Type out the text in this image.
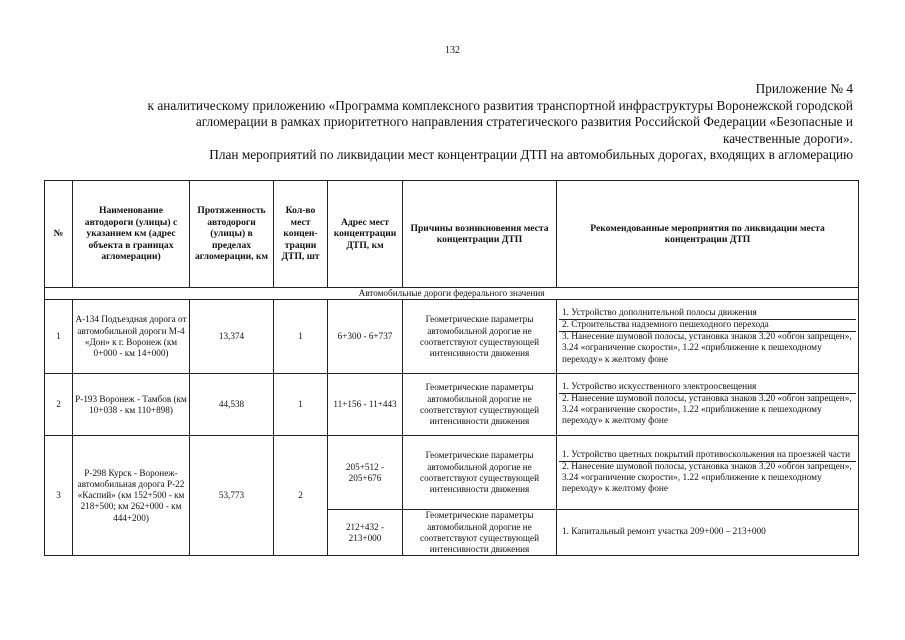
132
Приложение № 4
к аналитическому приложению «Программа комплексного развития транспортной инфраструктуры Воронежской городской
агломерации в рамках приоритетного направления стратегического развития Российской Федерации «Безопасные и
качественные дороги».
План мероприятий по ликвидации мест концентрации ДТП на автомобильных дорогах, входящих в агломерацию
№	Наименование автодороги (улицы) с указанием км (адрес объекта в границах агломерации)	Протяженность автодороги (улицы) в пределах агломерации, км	Кол-во мест концен-трации ДТП, шт	Адрес мест концентрации ДТП, км	Причины возникновения места концентрации ДТП	Рекомендованные мероприятия по ликвидации места концентрации ДТП
Автомобильные дороги федерального значения						
1	А-134 Подъездная дорога от автомобильной дороги М-4 «Дон» к г. Воронеж (км 0+000 - км 14+000)	13,374	1	6+300 - 6+737	Геометрические параметры автомобильной дорогие не соответствуют существующей интенсивности движения	1. Устройство дополнительной полосы движения
2. Строительства надземного пешеходного перехода
3. Нанесение шумовой полосы, установка знаков 3.20 «обгон запрещен», 3.24 «ограничение скорости», 1.22 «приближение к пешеходному переходу» к желтому фоне

2	Р-193 Воронеж - Тамбов (км 10+038 - км 110+898)	44,538	1	11+156 - 11+443	Геометрические параметры автомобильной дорогие не соответствуют существующей интенсивности движения	1. Устройство искусственного электроосвещения
2. Нанесение шумовой полосы, установка знаков 3.20 «обгон запрещен», 3.24 «ограничение скорости», 1.22 «приближение к пешеходному переходу» к желтому фоне

3	Р-298 Курск - Воронеж- автомобильная дорога Р-22 «Каспий» (км 152+500 - км 218+500; км 262+000 - км 444+200)	53,773	2	205+512 - 205+676	Геометрические параметры автомобильной дорогие не соответствуют существующей интенсивности движения	1. Устройство цветных покрытий противоскольжения на проезжей части
2. Нанесение шумовой полосы, установка знаков 3.20 «обгон запрещен», 3.24 «ограничение скорости», 1.22 «приближение к пешеходному переходу» к желтому фоне

				212+432 - 213+000	Геометрические параметры автомобильной дорогие не соответствуют существующей интенсивности движения	1. Капитальный ремонт участка 209+000 – 213+000
